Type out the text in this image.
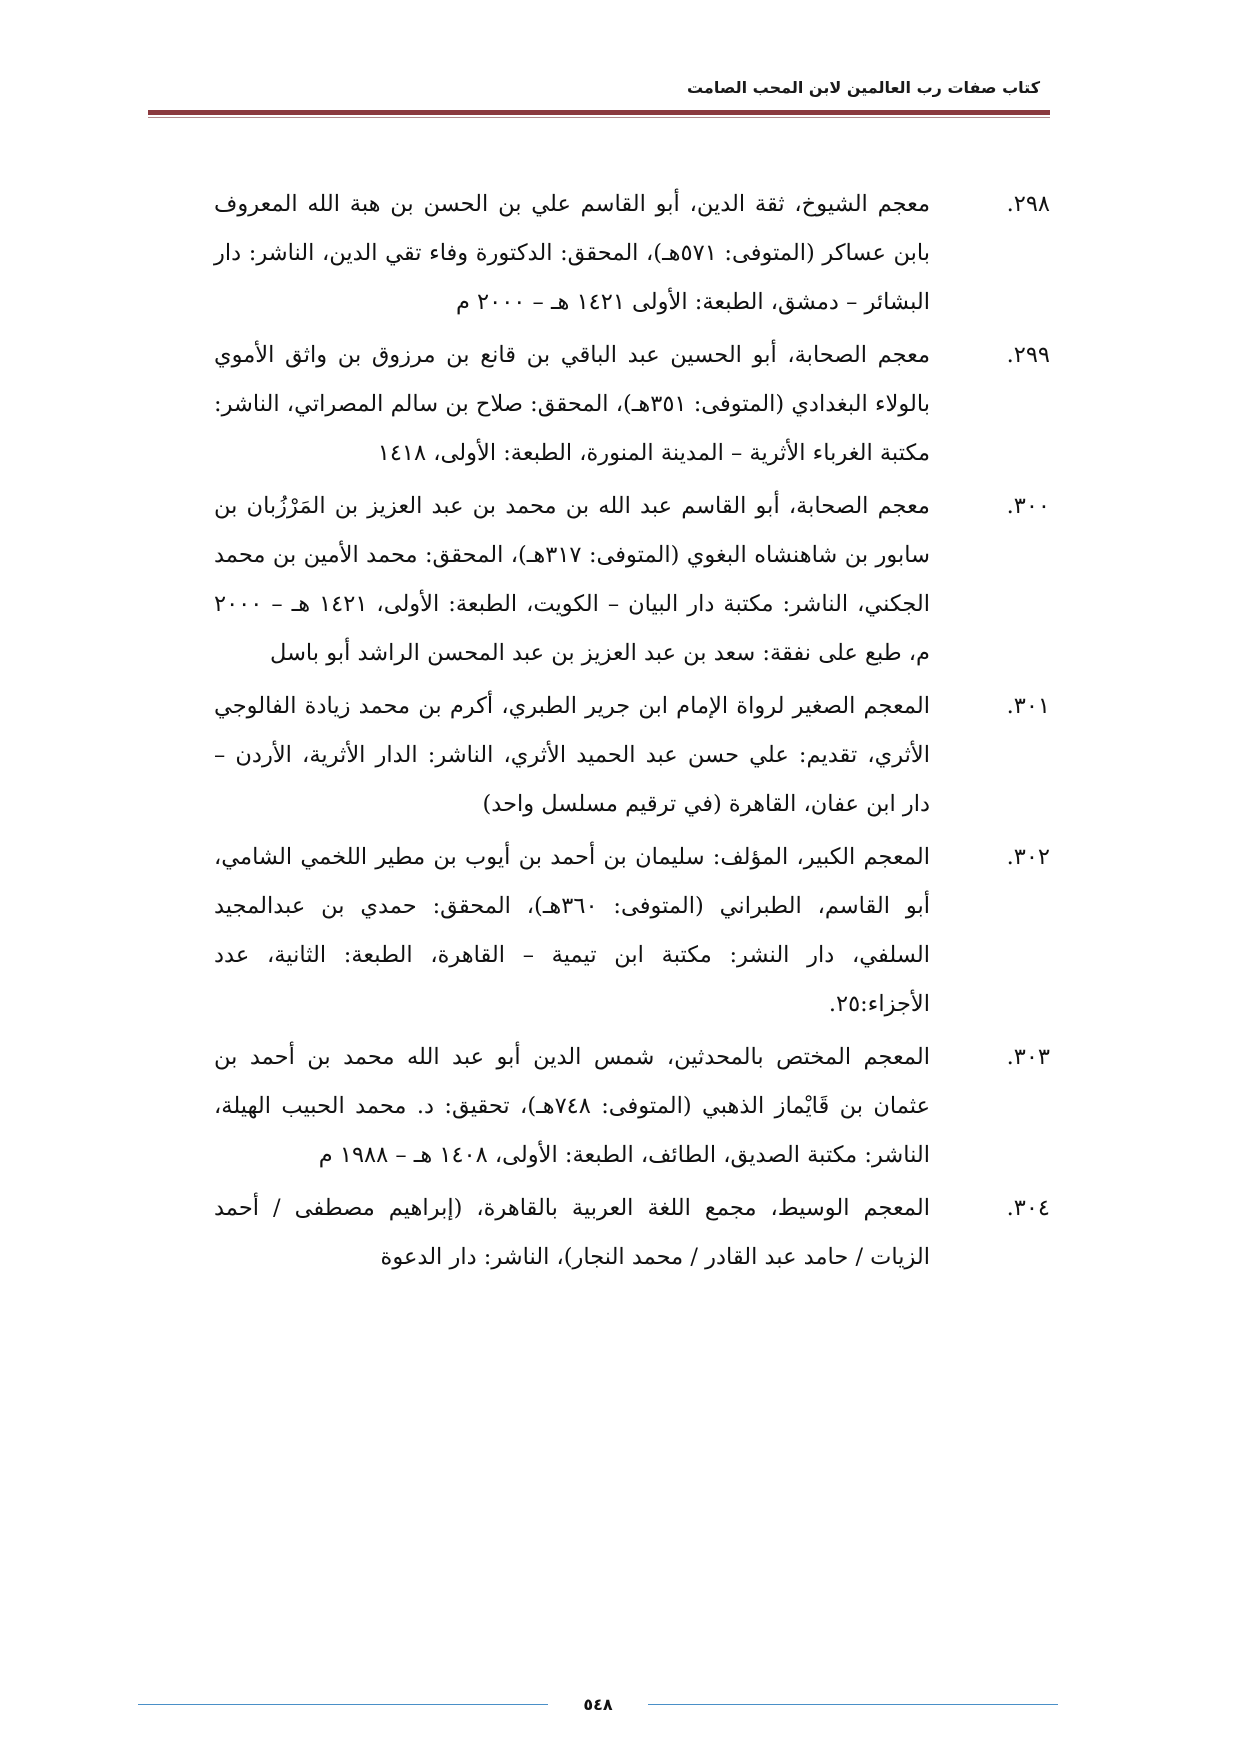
كتاب صفات رب العالمين لابن المحب الصامت
٢٩٨.
معجم الشيوخ، ثقة الدين، أبو القاسم علي بن الحسن بن هبة الله المعروف بابن عساكر (المتوفى: ٥٧١هـ)، المحقق: الدكتورة وفاء تقي الدين، الناشر: دار البشائر – دمشق، الطبعة: الأولى ١٤٢١ هـ – ٢٠٠٠ م
٢٩٩.
معجم الصحابة، أبو الحسين عبد الباقي بن قانع بن مرزوق بن واثق الأموي بالولاء البغدادي (المتوفى: ٣٥١هـ)، المحقق: صلاح بن سالم المصراتي، الناشر: مكتبة الغرباء الأثرية – المدينة المنورة، الطبعة: الأولى، ١٤١٨
٣٠٠.
معجم الصحابة، أبو القاسم عبد الله بن محمد بن عبد العزيز بن المَرْزُبان بن سابور بن شاهنشاه البغوي (المتوفى: ٣١٧هـ)، المحقق: محمد الأمين بن محمد الجكني، الناشر: مكتبة دار البيان – الكويت، الطبعة: الأولى، ١٤٢١ هـ – ٢٠٠٠ م، طبع على نفقة: سعد بن عبد العزيز بن عبد المحسن الراشد أبو باسل
٣٠١.
المعجم الصغير لرواة الإمام ابن جرير الطبري، أكرم بن محمد زيادة الفالوجي الأثري، تقديم: علي حسن عبد الحميد الأثري، الناشر: الدار الأثرية، الأردن – دار ابن عفان، القاهرة (في ترقيم مسلسل واحد)
٣٠٢.
المعجم الكبير، المؤلف: سليمان بن أحمد بن أيوب بن مطير اللخمي الشامي، أبو القاسم، الطبراني (المتوفى: ٣٦٠هـ)، المحقق: حمدي بن عبدالمجيد السلفي، دار النشر: مكتبة ابن تيمية – القاهرة، الطبعة: الثانية، عدد الأجزاء:٢٥.
٣٠٣.
المعجم المختص بالمحدثين، شمس الدين أبو عبد الله محمد بن أحمد بن عثمان بن قَايْماز الذهبي (المتوفى: ٧٤٨هـ)، تحقيق: د. محمد الحبيب الهيلة، الناشر: مكتبة الصديق، الطائف، الطبعة: الأولى، ١٤٠٨ هـ – ١٩٨٨ م
٣٠٤.
المعجم الوسيط، مجمع اللغة العربية بالقاهرة، (إبراهيم مصطفى / أحمد الزيات / حامد عبد القادر / محمد النجار)، الناشر: دار الدعوة
٥٤٨
